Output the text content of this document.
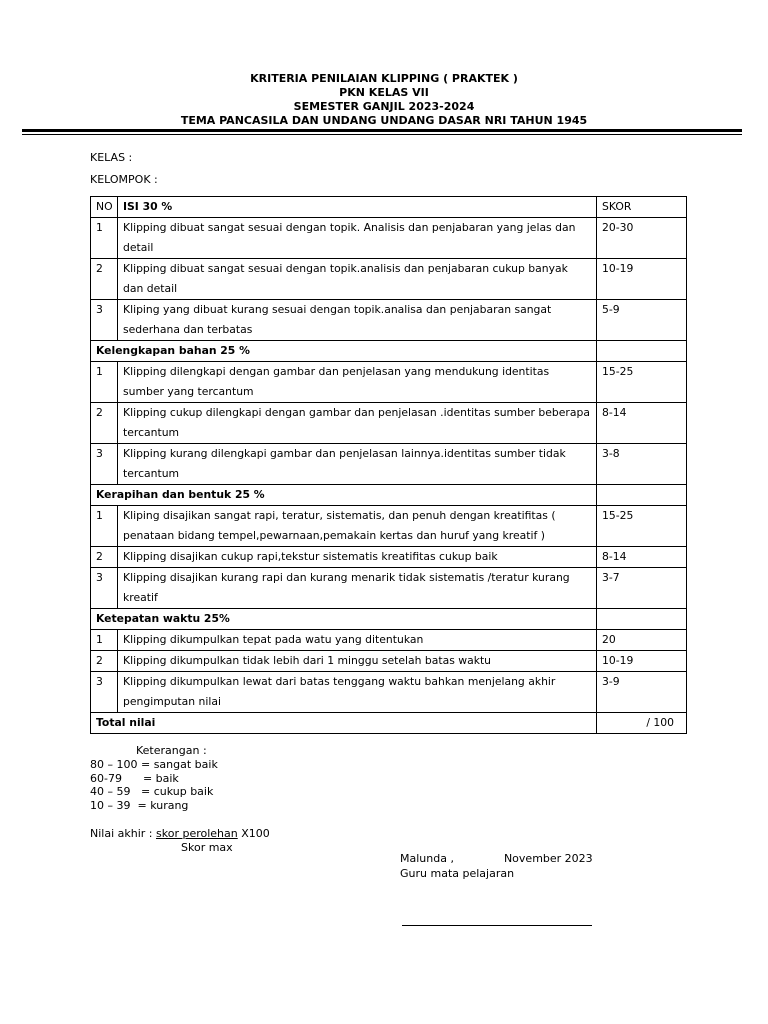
KRITERIA PENILAIAN KLIPPING ( PRAKTEK )
PKN KELAS VII
SEMESTER GANJIL 2023-2024
TEMA PANCASILA DAN UNDANG UNDANG DASAR NRI TAHUN 1945
KELAS :
KELOMPOK :
NO	ISI 30 %	SKOR
1	Klipping dibuat sangat sesuai dengan topik. Analisis dan penjabaran yang jelas dan detail	20-30
2	Klipping dibuat sangat sesuai dengan topik.analisis dan penjabaran cukup banyak dan detail	10-19
3	Kliping yang dibuat kurang sesuai dengan topik.analisa dan penjabaran sangat sederhana dan terbatas	5-9
Kelengkapan bahan 25 %		
1	Klipping dilengkapi dengan gambar dan penjelasan yang mendukung identitas sumber yang tercantum	15-25
2	Klipping cukup dilengkapi dengan gambar dan penjelasan .identitas sumber beberapa tercantum	8-14
3	Klipping kurang dilengkapi gambar dan penjelasan lainnya.identitas sumber tidak tercantum	3-8
Kerapihan dan bentuk 25 %		
1	Kliping disajikan sangat rapi, teratur, sistematis, dan penuh dengan kreatifitas ( penataan bidang tempel,pewarnaan,pemakain kertas dan huruf yang kreatif )	15-25
2	Klipping disajikan cukup rapi,tekstur sistematis kreatifitas cukup baik	8-14
3	Klipping disajikan kurang rapi dan kurang menarik tidak sistematis /teratur kurang kreatif	3-7
Ketepatan waktu 25%		
1	Klipping dikumpulkan tepat pada watu yang ditentukan	20
2	Klipping dikumpulkan tidak lebih dari 1 minggu setelah batas waktu	10-19
3	Klipping dikumpulkan lewat dari batas tenggang waktu bahkan menjelang akhir pengimputan nilai	3-9
Total nilai		/ 100
Keterangan :
80 – 100 = sangat baik
60-79      = baik
40 – 59   = cukup baik
10 – 39  = kurang
Nilai akhir : skor perolehan X100
Skor max
Malunda ,	November 2023
Guru mata pelajaran
